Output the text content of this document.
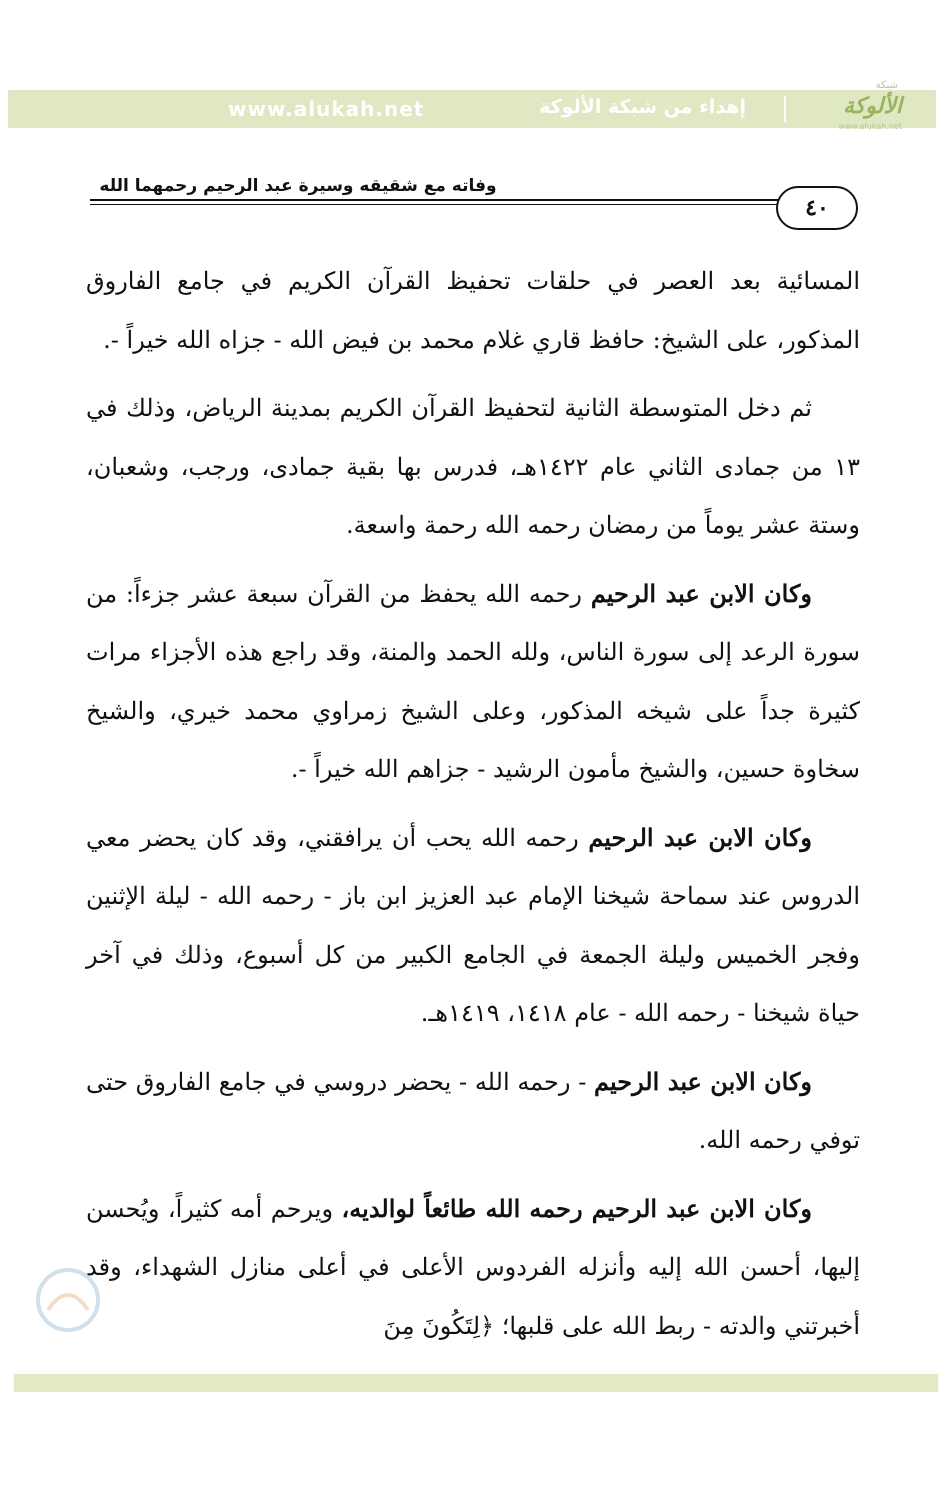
www.alukah.net	إهداء من شبكة الألوكة
شبكة
الألوكة
www.alukah.net
وفاته مع شقيقه وسيرة عبد الرحيم رحمهما الله
٤٠

المسائية بعد العصر في حلقات تحفيظ القرآن الكريم في جامع الفاروق المذكور، على الشيخ: حافظ قاري غلام محمد بن فيض الله - جزاه الله خيراً -.

  ثم دخل المتوسطة الثانية لتحفيظ القرآن الكريم بمدينة الرياض، وذلك في ١٣ من جمادى الثاني عام ١٤٢٢هـ، فدرس بها بقية جمادى، ورجب، وشعبان، وستة عشر يوماً من رمضان رحمه الله رحمة واسعة.

  وكان الابن عبد الرحيم رحمه الله يحفظ من القرآن سبعة عشر جزءاً: من سورة الرعد إلى سورة الناس، ولله الحمد والمنة، وقد راجع هذه الأجزاء مرات كثيرة جداً على شيخه المذكور، وعلى الشيخ زمراوي محمد خيري، والشيخ سخاوة حسين، والشيخ مأمون الرشيد - جزاهم الله خيراً -.

  وكان الابن عبد الرحيم رحمه الله يحب أن يرافقني، وقد كان يحضر معي الدروس عند سماحة شيخنا الإمام عبد العزيز ابن باز - رحمه الله - ليلة الإثنين وفجر الخميس وليلة الجمعة في الجامع الكبير من كل أسبوع، وذلك في آخر حياة شيخنا - رحمه الله - عام ١٤١٨، ١٤١٩هـ.

  وكان الابن عبد الرحيم - رحمه الله - يحضر دروسي في جامع الفاروق حتى توفي رحمه الله.

  وكان الابن عبد الرحيم رحمه الله طائعاً لوالديه، ويرحم أمه كثيراً، ويُحسن إليها، أحسن الله إليه وأنزله الفردوس الأعلى في أعلى منازل الشهداء، وقد أخبرتني والدته - ربط الله على قلبها؛ ﴿لِتَكُونَ مِنَ
